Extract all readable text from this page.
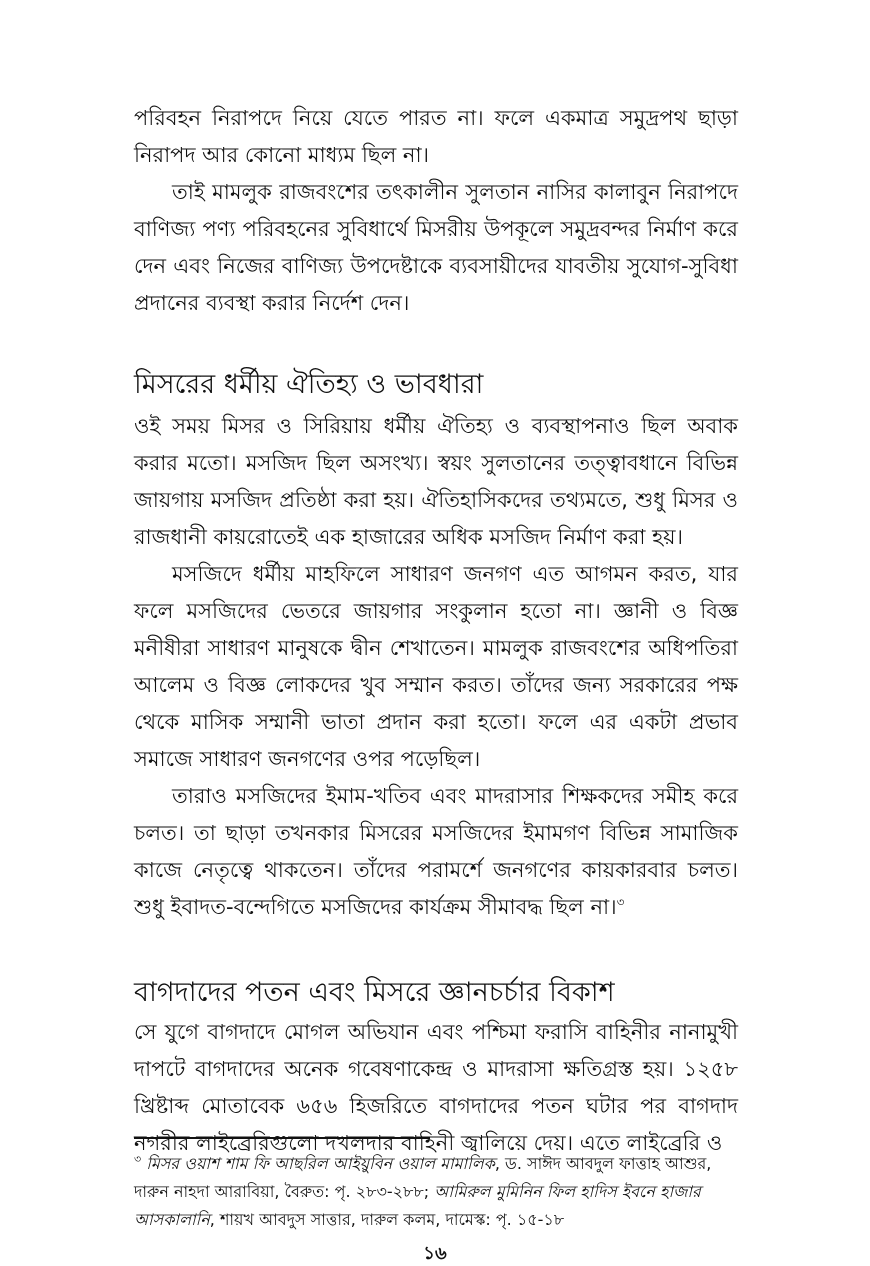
পরিবহন নিরাপদে নিয়ে যেতে পারত না। ফলে একমাত্র সমুদ্রপথ ছাড়া নিরাপদ আর কোনো মাধ্যম ছিল না।

তাই মামলুক রাজবংশের তৎকালীন সুলতান নাসির কালাবুন নিরাপদে বাণিজ্য পণ্য পরিবহনের সুবিধার্থে মিসরীয় উপকূলে সমুদ্রবন্দর নির্মাণ করে দেন এবং নিজের বাণিজ্য উপদেষ্টাকে ব্যবসায়ীদের যাবতীয় সুযোগ-সুবিধা প্রদানের ব্যবস্থা করার নির্দেশ দেন।

মিসরের ধর্মীয় ঐতিহ্য ও ভাবধারা

ওই সময় মিসর ও সিরিয়ায় ধর্মীয় ঐতিহ্য ও ব্যবস্থাপনাও ছিল অবাক করার মতো। মসজিদ ছিল অসংখ্য। স্বয়ং সুলতানের তত্ত্বাবধানে বিভিন্ন জায়গায় মসজিদ প্রতিষ্ঠা করা হয়। ঐতিহাসিকদের তথ্যমতে, শুধু মিসর ও রাজধানী কায়রোতেই এক হাজারের অধিক মসজিদ নির্মাণ করা হয়।

মসজিদে ধর্মীয় মাহফিলে সাধারণ জনগণ এত আগমন করত, যার ফলে মসজিদের ভেতরে জায়গার সংকুলান হতো না। জ্ঞানী ও বিজ্ঞ মনীষীরা সাধারণ মানুষকে দ্বীন শেখাতেন। মামলুক রাজবংশের অধিপতিরা আলেম ও বিজ্ঞ লোকদের খুব সম্মান করত। তাঁদের জন্য সরকারের পক্ষ থেকে মাসিক সম্মানী ভাতা প্রদান করা হতো। ফলে এর একটা প্রভাব সমাজে সাধারণ জনগণের ওপর পড়েছিল।

তারাও মসজিদের ইমাম-খতিব এবং মাদরাসার শিক্ষকদের সমীহ করে চলত। তা ছাড়া তখনকার মিসরের মসজিদের ইমামগণ বিভিন্ন সামাজিক কাজে নেতৃত্বে থাকতেন। তাঁদের পরামর্শে জনগণের কায়কারবার চলত। শুধু ইবাদত-বন্দেগিতে মসজিদের কার্যক্রম সীমাবদ্ধ ছিল না।$^৩$

বাগদাদের পতন এবং মিসরে জ্ঞানচর্চার বিকাশ

সে যুগে বাগদাদে মোগল অভিযান এবং পশ্চিমা ফরাসি বাহিনীর নানামুখী দাপটে বাগদাদের অনেক গবেষণাকেন্দ্র ও মাদরাসা ক্ষতিগ্রস্ত হয়। ১২৫৮ খ্রিষ্টাব্দ মোতাবেক ৬৫৬ হিজরিতে বাগদাদের পতন ঘটার পর বাগদাদ নগরীর লাইব্রেরিগুলো দখলদার বাহিনী জ্বালিয়ে দেয়। এতে লাইব্রেরি ও

$^৩$ মিসর ওয়াশ শাম ফি আছরিল আইয়ুবিন ওয়াল মামালিক, ড. সাঈদ আবদুল ফাত্তাহ আশুর, দারুন নাহদা আরাবিয়া, বৈরুত: পৃ. ২৮৩-২৮৮; আমিরুল মুমিনিন ফিল হাদিস ইবনে হাজার আসকালানি, শায়খ আবদুস সাত্তার, দারুল কলম, দামেস্ক: পৃ. ১৫-১৮

১৬
